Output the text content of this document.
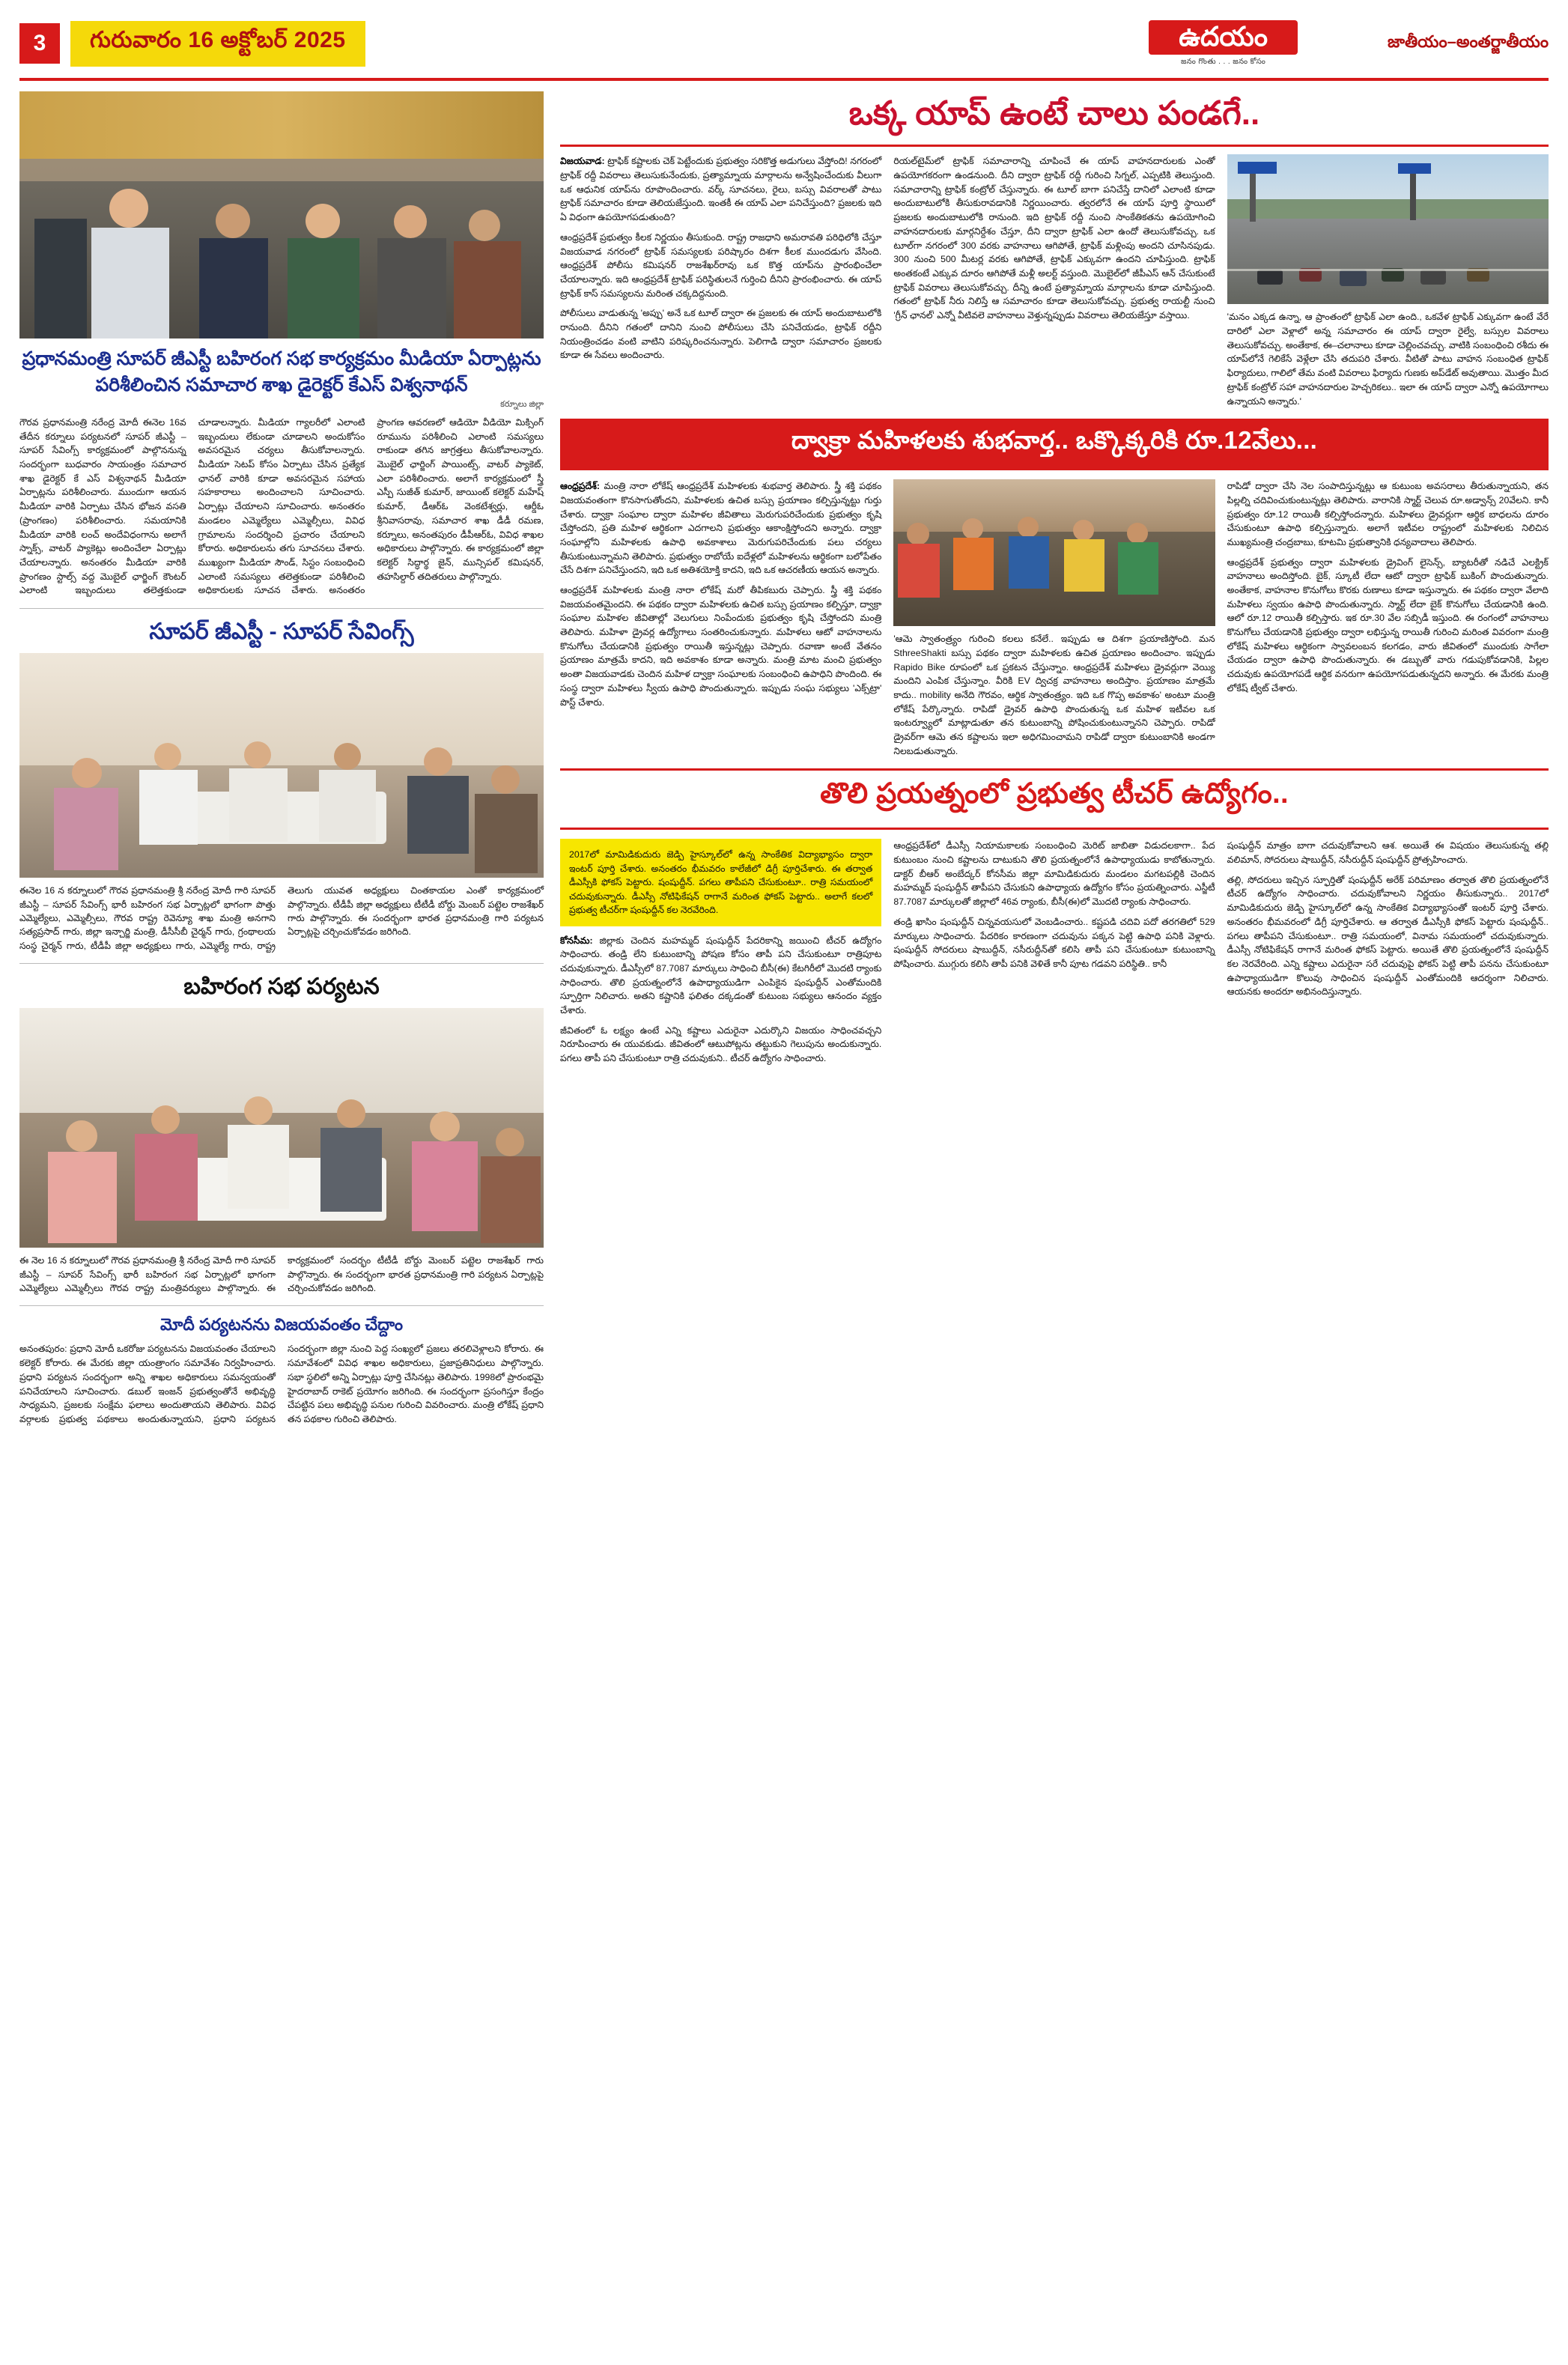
3	గురువారం 16 అక్టోబర్ 2025	ఉదయం
జనం గొంతు . . . జనం కోసం
జాతీయం–అంతర్జాతీయం
ప్రధానమంత్రి సూపర్ జీఎస్టీ బహిరంగ సభ కార్యక్రమం మీడియా ఏర్పాట్లను పరిశీలించిన సమాచార శాఖ డైరెక్టర్ కేఎస్ విశ్వనాథన్
కర్నూలు జిల్లా
గౌరవ ప్రధానమంత్రి నరేంద్ర మోదీ ఈనెల 16వ తేదీన కర్నూలు పర్యటనలో సూపర్ జీఎస్టీ – సూపర్ సేవింగ్స్ కార్యక్రమంలో పాల్గొననున్న సందర్భంగా బుధవారం సాయంత్రం సమాచార శాఖ డైరెక్టర్ కే ఎస్ విశ్వనాథన్ మీడియా ఏర్పాట్లను పరిశీలించారు. ముందుగా ఆయన మీడియా వారికి ఏర్పాటు చేసిన భోజన వసతి (ప్రాంగణం) పరిశీలించారు. సమయానికి మీడియా వారికి లంచ్ అందేవిధంగాను అలాగే స్నాక్స్, వాటర్ ప్యాకెట్లు అందించేలా ఏర్పాట్లు చేయాలన్నారు. అనంతరం మీడియా వారికి ప్రాంగణం స్టాల్స్ వద్ద మొబైల్ ఛార్జింగ్ కౌంటర్ ఎలాంటి ఇబ్బందులు తలెత్తకుండా చూడాలన్నారు. మీడియా గ్యాలరీలో ఎలాంటి ఇబ్బందులు లేకుండా చూడాలని అందుకోసం అవసరమైన చర్యలు తీసుకోవాలన్నారు. మీడియా సెటప్ కోసం ఏర్పాటు చేసిన ప్రత్యేక ఛానల్ వారికి కూడా అవసరమైన సహాయ సహకారాలు అందించాలని సూచించారు. ఏర్పాట్లు చేయాలని సూచించారు. అనంతరం మండలం ఎమ్మెల్యేలు ఎమ్మెల్సీలు, వివిధ గ్రామాలను సందర్శించి ప్రచారం చేయాలని కోరారు. అధికారులను తగు సూచనలు చేశారు. ముఖ్యంగా మీడియా సౌండ్, సిస్టం సంబంధించి ఎలాంటి సమస్యలు తలెత్తకుండా పరిశీలించి అధికారులకు సూచన చేశారు. అనంతరం ప్రాంగణ ఆవరణలో ఆడియో వీడియో మిక్సింగ్ రూమును పరిశీలించి ఎలాంటి సమస్యలు రాకుండా తగిన జాగ్రత్తలు తీసుకోవాలన్నారు. మొబైల్ ఛార్జింగ్ పాయింట్స్, వాటర్ ప్యాకెట్, ఎలా పరిశీలించారు. అలాగే కార్యక్రమంలో స్త్రీ ఎస్పీ సుజీత్ కుమార్, జాయింట్ కలెక్టర్ మహేష్ కుమార్, డీఆర్ఓ వెంకటేశ్వర్లు, ఆర్డీఓ శ్రీనివాసరావు, సమాచార శాఖ డీడీ రమణ, కర్నూలు, అనంతపురం డీపీఆర్ఓ, వివిధ శాఖల అధికారులు పాల్గొన్నారు. ఈ కార్యక్రమంలో జిల్లా కలెక్టర్ సిద్ధార్థ జైన్, మున్సిపల్ కమిషనర్, తహసిల్దార్ తదితరులు పాల్గొన్నారు.
సూపర్ జీఎస్టీ - సూపర్ సేవింగ్స్
ఈనెల 16 న కర్నూలులో గౌరవ ప్రధానమంత్రి శ్రీ నరేంద్ర మోదీ గారి సూపర్ జీఎస్టీ – సూపర్ సేవింగ్స్ భారీ బహిరంగ సభ ఏర్పాట్లలో భాగంగా పొత్తు ఎమ్మెల్యేలు, ఎమ్మెల్సీలు, గౌరవ రాష్ట్ర రెవెన్యూ శాఖ మంత్రి అనగాని సత్యప్రసాద్ గారు, జిల్లా ఇన్చార్జి మంత్రి, డీసీసీబీ చైర్మన్ గారు, గ్రంథాలయ సంస్థ చైర్మన్ గారు, టీడీపీ జిల్లా అధ్యక్షులు గారు, ఎమ్మెల్యే గారు, రాష్ట్ర తెలుగు యువత అధ్యక్షులు చింతకాయల ఎంతో కార్యక్రమంలో పాల్గొన్నారు. టీడీపీ జిల్లా అధ్యక్షులు టీటీడీ బోర్డు మెంబర్ పట్టెల రాజశేఖర్ గారు పాల్గొన్నారు. ఈ సందర్భంగా భారత ప్రధానమంత్రి గారి పర్యటన ఏర్పాట్లపై చర్చించుకోవడం జరిగింది.
బహిరంగ సభ పర్యటన
ఈ నెల 16 న కర్నూలులో గౌరవ ప్రధానమంత్రి శ్రీ నరేంద్ర మోదీ గారి సూపర్ జీఎస్టీ – సూపర్ సేవింగ్స్ భారీ బహిరంగ సభ ఏర్పాట్లలో భాగంగా ఎమ్మెల్యేలు ఎమ్మెల్సీలు గౌరవ రాష్ట్ర మంత్రివర్యులు పాల్గొన్నారు. ఈ కార్యక్రమంలో సందర్భం టీటీడీ బోర్డు మెంబర్ పట్టెల రాజశేఖర్ గారు పాల్గొన్నారు. ఈ సందర్భంగా భారత ప్రధానమంత్రి గారి పర్యటన ఏర్పాట్లపై చర్చించుకోవడం జరిగింది.
మోదీ పర్యటనను విజయవంతం చేద్దాం
అనంతపురం: ప్రధాని మోదీ ఒకరోజు పర్యటనను విజయవంతం చేయాలని కలెక్టర్ కోరారు. ఈ మేరకు జిల్లా యంత్రాంగం సమావేశం నిర్వహించారు. ప్రధాని పర్యటన సందర్భంగా అన్ని శాఖల అధికారులు సమన్వయంతో పనిచేయాలని సూచించారు. డబుల్ ఇంజన్ ప్రభుత్వంతోనే అభివృద్ధి సాధ్యమని, ప్రజలకు సంక్షేమ ఫలాలు అందుతాయని తెలిపారు. వివిధ వర్గాలకు ప్రభుత్వ పథకాలు అందుతున్నాయని, ప్రధాని పర్యటన సందర్భంగా జిల్లా నుంచి పెద్ద సంఖ్యలో ప్రజలు తరలివెళ్లాలని కోరారు. ఈ సమావేశంలో వివిధ శాఖల అధికారులు, ప్రజాప్రతినిధులు పాల్గొన్నారు. సభా స్థలిలో అన్ని ఏర్పాట్లు పూర్తి చేసినట్లు తెలిపారు. 1998లో ప్రారంభమై హైదరాబాద్ రాకెట్ ప్రయోగం జరిగింది. ఈ సందర్భంగా ప్రసంగిస్తూ కేంద్రం చేపట్టిన పలు అభివృద్ధి పనుల గురించి వివరించారు. మంత్రి లోకేష్ ప్రధాని తన పథకాల గురించి తెలిపారు.
ఒక్క యాప్ ఉంటే చాలు పండగే..
విజయవాడ: ట్రాఫిక్ కష్టాలకు చెక్ పెట్టేందుకు ప్రభుత్వం సరికొత్త అడుగులు వేస్తోంది! నగరంలో ట్రాఫిక్ రద్దీ వివరాలు తెలుసుకునేందుకు, ప్రత్యామ్నాయ మార్గాలను అన్వేషించేందుకు వీలుగా ఒక ఆధునిక యాప్‌ను రూపొందించారు. వర్క్ సూచనలు, రైలు, బస్సు వివరాలతో పాటు ట్రాఫిక్ సమాచారం కూడా తెలియజేస్తుంది. ఇంతకీ ఈ యాప్ ఎలా పనిచేస్తుంది? ప్రజలకు ఇది ఏ విధంగా ఉపయోగపడుతుంది?
ఆంధ్రప్రదేశ్ ప్రభుత్వం కీలక నిర్ణయం తీసుకుంది. రాష్ట్ర రాజధాని అమరావతి పరిధిలోకి చేస్తూ విజయవాడ నగరంలో ట్రాఫిక్ సమస్యలకు పరిష్కారం దిశగా కీలక ముందడుగు వేసింది. ఆంధ్రప్రదేశ్ పోలీసు కమిషనర్ రాజశేఖర్‌రావు ఒక కొత్త యాప్‌ను ప్రారంభించేలా చేయాలన్నారు. ఇది ఆంధ్రప్రదేశ్ ట్రాఫిక్ పరిస్థితులనే గుర్తించి దీనిని ప్రారంభించారు. ఈ యాప్ ట్రాఫిక్ కాస్ సమస్యలను మరింత చక్కదిద్దనుంది.
పోలీసులు వాడుతున్న 'అప్పు' అనే ఒక టూల్ ద్వారా ఈ ప్రజలకు ఈ యాప్ అందుబాటులోకి రానుంది. దీనిని గతంలో దానిని నుంచి పోలీసులు చేసి పనిచేయడం, ట్రాఫిక్ రద్దీని నియంత్రించడం వంటి వాటిని పరిష్కరించనున్నారు. పెలిగాడి ద్వారా సమాచారం ప్రజలకు కూడా ఈ సేవలు అందించారు.
రియల్‌టైమ్‌లో ట్రాఫిక్ సమాచారాన్ని చూపించే ఈ యాప్ వాహనదారులకు ఎంతో ఉపయోగకరంగా ఉండనుంది. దీని ద్వారా ట్రాఫిక్ రద్దీ గురించి సిగ్నల్, ఎప్పటికి తెలుస్తుంది. సమాచారాన్ని ట్రాఫిక్ కంట్రోల్ చేస్తున్నారు. ఈ టూల్ బాగా పనిచేస్తే దానిలో ఎలాంటి కూడా అందుబాటులోకి తీసుకురావడానికి నిర్ణయించారు. త్వరలోనే ఈ యాప్ పూర్తి స్థాయిలో ప్రజలకు అందుబాటులోకి రానుంది. ఇది ట్రాఫిక్ రద్దీ నుంచి సాంకేతికతను ఉపయోగించి వాహనదారులకు మార్గనిర్దేశం చేస్తూ, దీని ద్వారా ట్రాఫిక్ ఎలా ఉందో తెలుసుకోవచ్చు. ఒక టూల్‌గా నగరంలో 300 వరకు వాహనాలు ఆగిపోతే, ట్రాఫిక్ మళ్లింపు అందని చూసినపుడు. 300 నుంచి 500 మీటర్ల వరకు ఆగిపోతే, ట్రాఫిక్ ఎక్కువగా ఉందని చూపిస్తుంది. ట్రాఫిక్ అంతకంటే ఎక్కువ దూరం ఆగిపోతే మళ్లీ అలర్ట్ వస్తుంది. మొబైల్‌లో జీపీఎస్ ఆన్ చేసుకుంటే ట్రాఫిక్ వివరాలు తెలుసుకోవచ్చు. దీన్ని ఉంటే ప్రత్యామ్నాయ మార్గాలను కూడా చూపిస్తుంది. గతంలో ట్రాఫిక్ నీరు నిలిస్తే ఆ సమాచారం కూడా తెలుసుకోవచ్చు. ప్రభుత్వ రాయల్టీ నుంచి 'గ్రీన్ ఛానల్' ఎన్నో వీటివలె వాహనాలు వెళ్తున్నప్పుడు వివరాలు తెలియజేస్తూ వస్తాయి.	'మనం ఎక్కడ ఉన్నా, ఆ ప్రాంతంలో ట్రాఫిక్ ఎలా ఉంది., ఒకవేళ ట్రాఫిక్ ఎక్కువగా ఉంటే వేరే దారిలో ఎలా వెళ్లాలో అన్న సమాచారం ఈ యాప్ ద్వారా రైల్వే, బస్సుల వివరాలు తెలుసుకోవచ్చు. అంతేకాక, ఈ–చలానాలు కూడా చెల్లించవచ్చు. వాటికి సంబంధించి రశీదు ఈ యాప్‌లోనే గెలికేసే వెళ్లేలా చేసి తదుపరి చేశారు. వీటితో పాటు వాహన సంబంధిత ట్రాఫిక్ ఫిర్యాదులు, గాలిలో తేమ వంటి వివరాలు ఫిర్యాదు గుణకు అప్‌డేట్ అవుతాయి. మొత్తం మీద ట్రాఫిక్ కంట్రోల్ సహా వాహనదారుల హెచ్చరికలు.. ఇలా ఈ యాప్ ద్వారా ఎన్నో ఉపయోగాలు ఉన్నాయని అన్నారు.'
ద్వాక్రా మహిళలకు శుభవార్త.. ఒక్కొక్కరికి రూ.12వేలు...
ఆంధ్రప్రదేశ్: మంత్రి నారా లోకేష్ ఆంధ్రప్రదేశ్ మహిళలకు శుభవార్త తెలిపారు. స్త్రీ శక్తి పథకం విజయవంతంగా కొనసాగుతోందని, మహిళలకు ఉచిత బస్సు ప్రయాణం కల్పిస్తున్నట్టు గుర్తు చేశారు. ద్వాక్రా సంఘాల ద్వారా మహిళల జీవితాలు మెరుగుపరిచేందుకు ప్రభుత్వం కృషి చేస్తోందని, ప్రతి మహిళ ఆర్థికంగా ఎదగాలని ప్రభుత్వం ఆకాంక్షిస్తోందని అన్నారు. ద్వాక్రా సంఘాల్లోని మహిళలకు ఉపాధి అవకాశాలు మెరుగుపరిచేందుకు పలు చర్యలు తీసుకుంటున్నామని తెలిపారు. ప్రభుత్వం రాబోయే ఐదేళ్లలో మహిళలను ఆర్థికంగా బలోపేతం చేసే దిశగా పనిచేస్తుందని, ఇది ఒక అతిశయోక్తి కాదని, ఇది ఒక ఆచరణీయ ఆయన అన్నారు.
ఆంధ్రప్రదేశ్ మహిళలకు మంత్రి నారా లోకేష్ మరో తీపికబురు చెప్పారు. స్త్రీ శక్తి పథకం విజయవంతమైందని. ఈ పథకం ద్వారా మహిళలకు ఉచిత బస్సు ప్రయాణం కల్పిస్తూ, ద్వాక్రా సంఘాల మహిళల జీవితాల్లో వెలుగులు నింపేందుకు ప్రభుత్వం కృషి చేస్తోందని మంత్రి తెలిపారు. మహిళా డ్రైవర్ల ఉద్యోగాలు సంతరించుకున్నారు. మహిళలు ఆటో వాహనాలను కొనుగోలు చేయడానికి ప్రభుత్వం రాయితీ ఇస్తున్నట్లు చెప్పారు. రవాణా అంటే వేతనం ప్రయాణం మాత్రమే కాదని, ఇది అవకాశం కూడా అన్నారు. మంత్రి మాట మంచి ప్రభుత్వం అంతా విజయవాడకు చెందిన మహిళ ద్వాక్రా సంఘాలకు సంబంధించి ఉపాధిని పొందింది. ఈ సంస్థ ద్వారా మహిళలు స్వీయ ఉపాధి పొందుతున్నారు. ఇప్పుడు సంఘ సభ్యులు 'ఎక్స్‌ట్రా' పొస్ట్ చేశారు.
'ఆమె స్వాతంత్ర్యం గురించి కలలు కనేలే.. ఇప్పుడు ఆ దిశగా ప్రయాణిస్తోంది. మన SthreeShakti బస్సు పథకం ద్వారా మహిళలకు ఉచిత ప్రయాణం అందించాం. ఇప్పుడు Rapido Bike రూపంలో ఒక ప్రకటన చేస్తున్నాం. ఆంధ్రప్రదేశ్ మహిళలు డ్రైవర్లుగా వెయ్యి మందిని ఎంపిక చేస్తున్నాం. వీరికి EV ద్విచక్ర వాహనాలు అందిస్తాం. ప్రయాణం మాత్రమే కాదు.. mobility అనేది గౌరవం, ఆర్థిక స్వాతంత్ర్యం. ఇది ఒక గొప్ప అవకాశం' అంటూ మంత్రి లోకేష్ పేర్కొన్నారు. రాపిడో డ్రైవర్ ఉపాధి పొందుతున్న ఒక మహిళ ఇటీవల ఒక ఇంటర్వ్యూలో మాట్లాడుతూ తన కుటుంబాన్ని పోషించుకుంటున్నానని చెప్పారు. రాపిడో డ్రైవర్‌గా ఆమె తన కష్టాలను ఇలా అధిగమించామని రాపిడో ద్వారా కుటుంబానికి అండగా నిలబడుతున్నారు.
రాపిడో ద్వారా చేసి నెల సంపాదిస్తున్నట్లు ఆ కుటుంబ అవసరాలు తీరుతున్నాయని, తన పిల్లల్ని చదివించుకుంటున్నట్లు తెలిపారు. వారానికి స్మార్ట్ చెలువ రూ.అడ్వాన్స్ 20వేలని. కానీ ప్రభుత్వం రూ.12 రాయితీ కల్పిస్తోందన్నారు. మహిళలు డ్రైవర్లుగా ఆర్థిక బాధలను దూరం చేసుకుంటూ ఉపాధి కల్పిస్తున్నారు. అలాగే ఇటీవల రాష్ట్రంలో మహిళలకు నిలిచిన ముఖ్యమంత్రి చంద్రబాబు, కూటమి ప్రభుత్వానికి ధన్యవాదాలు తెలిపారు.
ఆంధ్రప్రదేశ్ ప్రభుత్వం ద్వారా మహిళలకు డ్రైవింగ్ లైసెన్స్, బ్యాటరీతో నడిచే ఎలక్ట్రిక్ వాహనాలు అందిస్తోంది. బైక్, స్కూటీ లేదా ఆటో ద్వారా ట్రాఫిక్ బుకింగ్ పొందుతున్నారు. అంతేకాక, వాహనాల కొనుగోలు కొరకు రుణాలు కూడా ఇస్తున్నారు. ఈ పథకం ద్వారా వేలాది మహిళలు స్వయం ఉపాధి పొందుతున్నారు. స్మార్ట్ లేదా బైక్ కొనుగోలు చేయడానికి ఉంది. ఆలో రూ.12 రాయితీ కల్పిస్తారు. ఇక రూ.30 వేల సబ్సిడీ ఇస్తుంది. ఈ రంగంలో వాహనాలు కొనుగోలు చేయడానికి ప్రభుత్వం ద్వారా లభిస్తున్న రాయితీ గురించి మరింత వివరంగా మంత్రి లోకేష్ మహిళలు ఆర్థికంగా స్వావలంబన కలగడం, వారు జీవితంలో ముందుకు సాగేలా చేయడం ద్వారా ఉపాధి పొందుతున్నారు. ఈ డబ్బుతో వారు గడుపుకోవడానికి, పిల్లల చదువుకు ఉపయోగపడే ఆర్థిక వనరుగా ఉపయోగపడుతున్నదని అన్నారు. ఈ మేరకు మంత్రి లోకేష్ ట్వీట్ చేశారు.
తొలి ప్రయత్నంలో ప్రభుత్వ టీచర్ ఉద్యోగం..
2017లో మామిడికుదురు జెడ్పి హైస్కూల్‌లో ఉన్న సాంకేతిక విద్యాభ్యాసం ద్వారా ఇంటర్ పూర్తి చేశారు. అనంతరం భీమవరం కాలేజీలో డిగ్రీ పూర్తిచేశారు. ఈ తర్వాత డీఎస్సీకి ఫోకస్ పెట్టారు. షంషుద్దీన్. పగలు తాపీపని చేసుకుంటూ.. రాత్రి సమయంలో చదువుకున్నారు. డీఎస్సీ నోటిఫికేషన్ రాగానే మరింత ఫోకస్ పెట్టారు.. అలాగే కలలో ప్రభుత్వ టీచర్‌గా షంషుద్దీన్ కల నెరవేరింది.
కోనసీమ: జిల్లాకు చెందిన మహమ్మద్ షంషుద్దీన్ పేదరికాన్ని జయించి టీచర్ ఉద్యోగం సాధించారు. తండ్రి లేని కుటుంబాన్ని పోషణ కోసం తాపీ పని చేసుకుంటూ రాత్రిపూట చదువుకున్నారు. డీఎస్సీలో 87.7087 మార్కులు సాధించి బీసీ(ఈ) కేటగిరీలో మొదటి ర్యాంకు సాధించారు. తొలి ప్రయత్నంలోనే ఉపాధ్యాయుడిగా ఎంపికైన షంషుద్దీన్ ఎంతోమందికి స్ఫూర్తిగా నిలిచారు. అతని కష్టానికి ఫలితం దక్కడంతో కుటుంబ సభ్యులు ఆనందం వ్యక్తం చేశారు.
జీవితంలో ఓ లక్ష్యం ఉంటే ఎన్ని కష్టాలు ఎదురైనా ఎదుర్కొని విజయం సాధించవచ్చని నిరూపించారు ఈ యువకుడు. జీవితంలో ఆటుపోట్లను తట్టుకుని గెలుపును అందుకున్నారు. పగలు తాపీ పని చేసుకుంటూ రాత్రి చదువుకుని.. టీచర్ ఉద్యోగం సాధించారు.
ఆంధ్రప్రదేశ్‌లో డీఎస్సీ నియామకాలకు సంబంధించి మెరిట్ జాబితా విడుదలకాగా.. పేద కుటుంబం నుంచి కష్టాలను దాటుకుని తొలి ప్రయత్నంలోనే ఉపాధ్యాయుడు కాబోతున్నారు. డాక్టర్ బీఆర్ అంబేద్కర్ కోనసీమ జిల్లా మామిడికుదురు మండలం మగటపల్లికి చెందిన మహమ్మద్ షంషుద్దీన్ తాపీపని చేసుకుని ఉపాధ్యాయ ఉద్యోగం కోసం ప్రయత్నించారు. ఎస్జీటీ 87.7087 మార్కులతో జిల్లాలో 46వ ర్యాంకు, బీసీ(ఈ)లో మొదటి ర్యాంకు సాధించారు.
తండ్రి ఖాసిం షంషుద్దీన్ చిన్నవయసులో వెంబడించారు.. కష్టపడి చదివి పదో తరగతిలో 529 మార్కులు సాధించారు. పేదరికం కారణంగా చదువును పక్కన పెట్టి ఉపాధి పనికి వెళ్లారు. షంషుద్దీన్ సోదరులు షాబుద్దీన్, నసీరుద్దీన్‌తో కలిసి తాపీ పని చేసుకుంటూ కుటుంబాన్ని పోషించారు. ముగ్గురు కలిసి తాపీ పనికి వెళితే కానీ పూట గడవని పరిస్థితి.. కానీ
షంషుద్దీన్ మాత్రం బాగా చదువుకోవాలని ఆశ. అయితే ఈ విషయం తెలుసుకున్న తల్లి వలిమాన్, సోదరులు షాబుద్దీన్, నసీరుద్దీన్ షంషుద్దీన్ ప్రోత్సహించారు.
తల్లి, సోదరులు ఇచ్చిన స్ఫూర్తితో షంషుద్దీన్ అరేక్ పరిమాణం తర్వాత తొలి ప్రయత్నంలోనే టీచర్ ఉద్యోగం సాధించారు. చదువుకోవాలని నిర్ణయం తీసుకున్నారు.. 2017లో మామిడికుదురు జెడ్పి హైస్కూల్‌లో ఉన్న సాంకేతిక విద్యాభ్యాసంతో ఇంటర్ పూర్తి చేశారు. అనంతరం భీమవరంలో డిగ్రీ పూర్తిచేశారు. ఆ తర్వాత డీఎస్సీకి ఫోకస్ పెట్టారు షంషుద్దీన్.. పగలు తాపీపని చేసుకుంటూ.. రాత్రి సమయంలో, వినామ సమయంలో చదువుకున్నారు. డీఎస్సీ నోటిఫికేషన్ రాగానే మరింత ఫోకస్ పెట్టారు. అయితే తొలి ప్రయత్నంలోనే షంషుద్దీన్ కల నెరవేరింది. ఎన్ని కష్టాలు ఎదురైనా సరే చదువుపై ఫోకస్ పెట్టి తాపీ పనను చేసుకుంటూ ఉపాధ్యాయుడిగా కొలువు సాధించిన షంషుద్దీన్ ఎంతోమందికి ఆదర్శంగా నిలిచారు. ఆయనకు అందరూ అభినందిస్తున్నారు.
